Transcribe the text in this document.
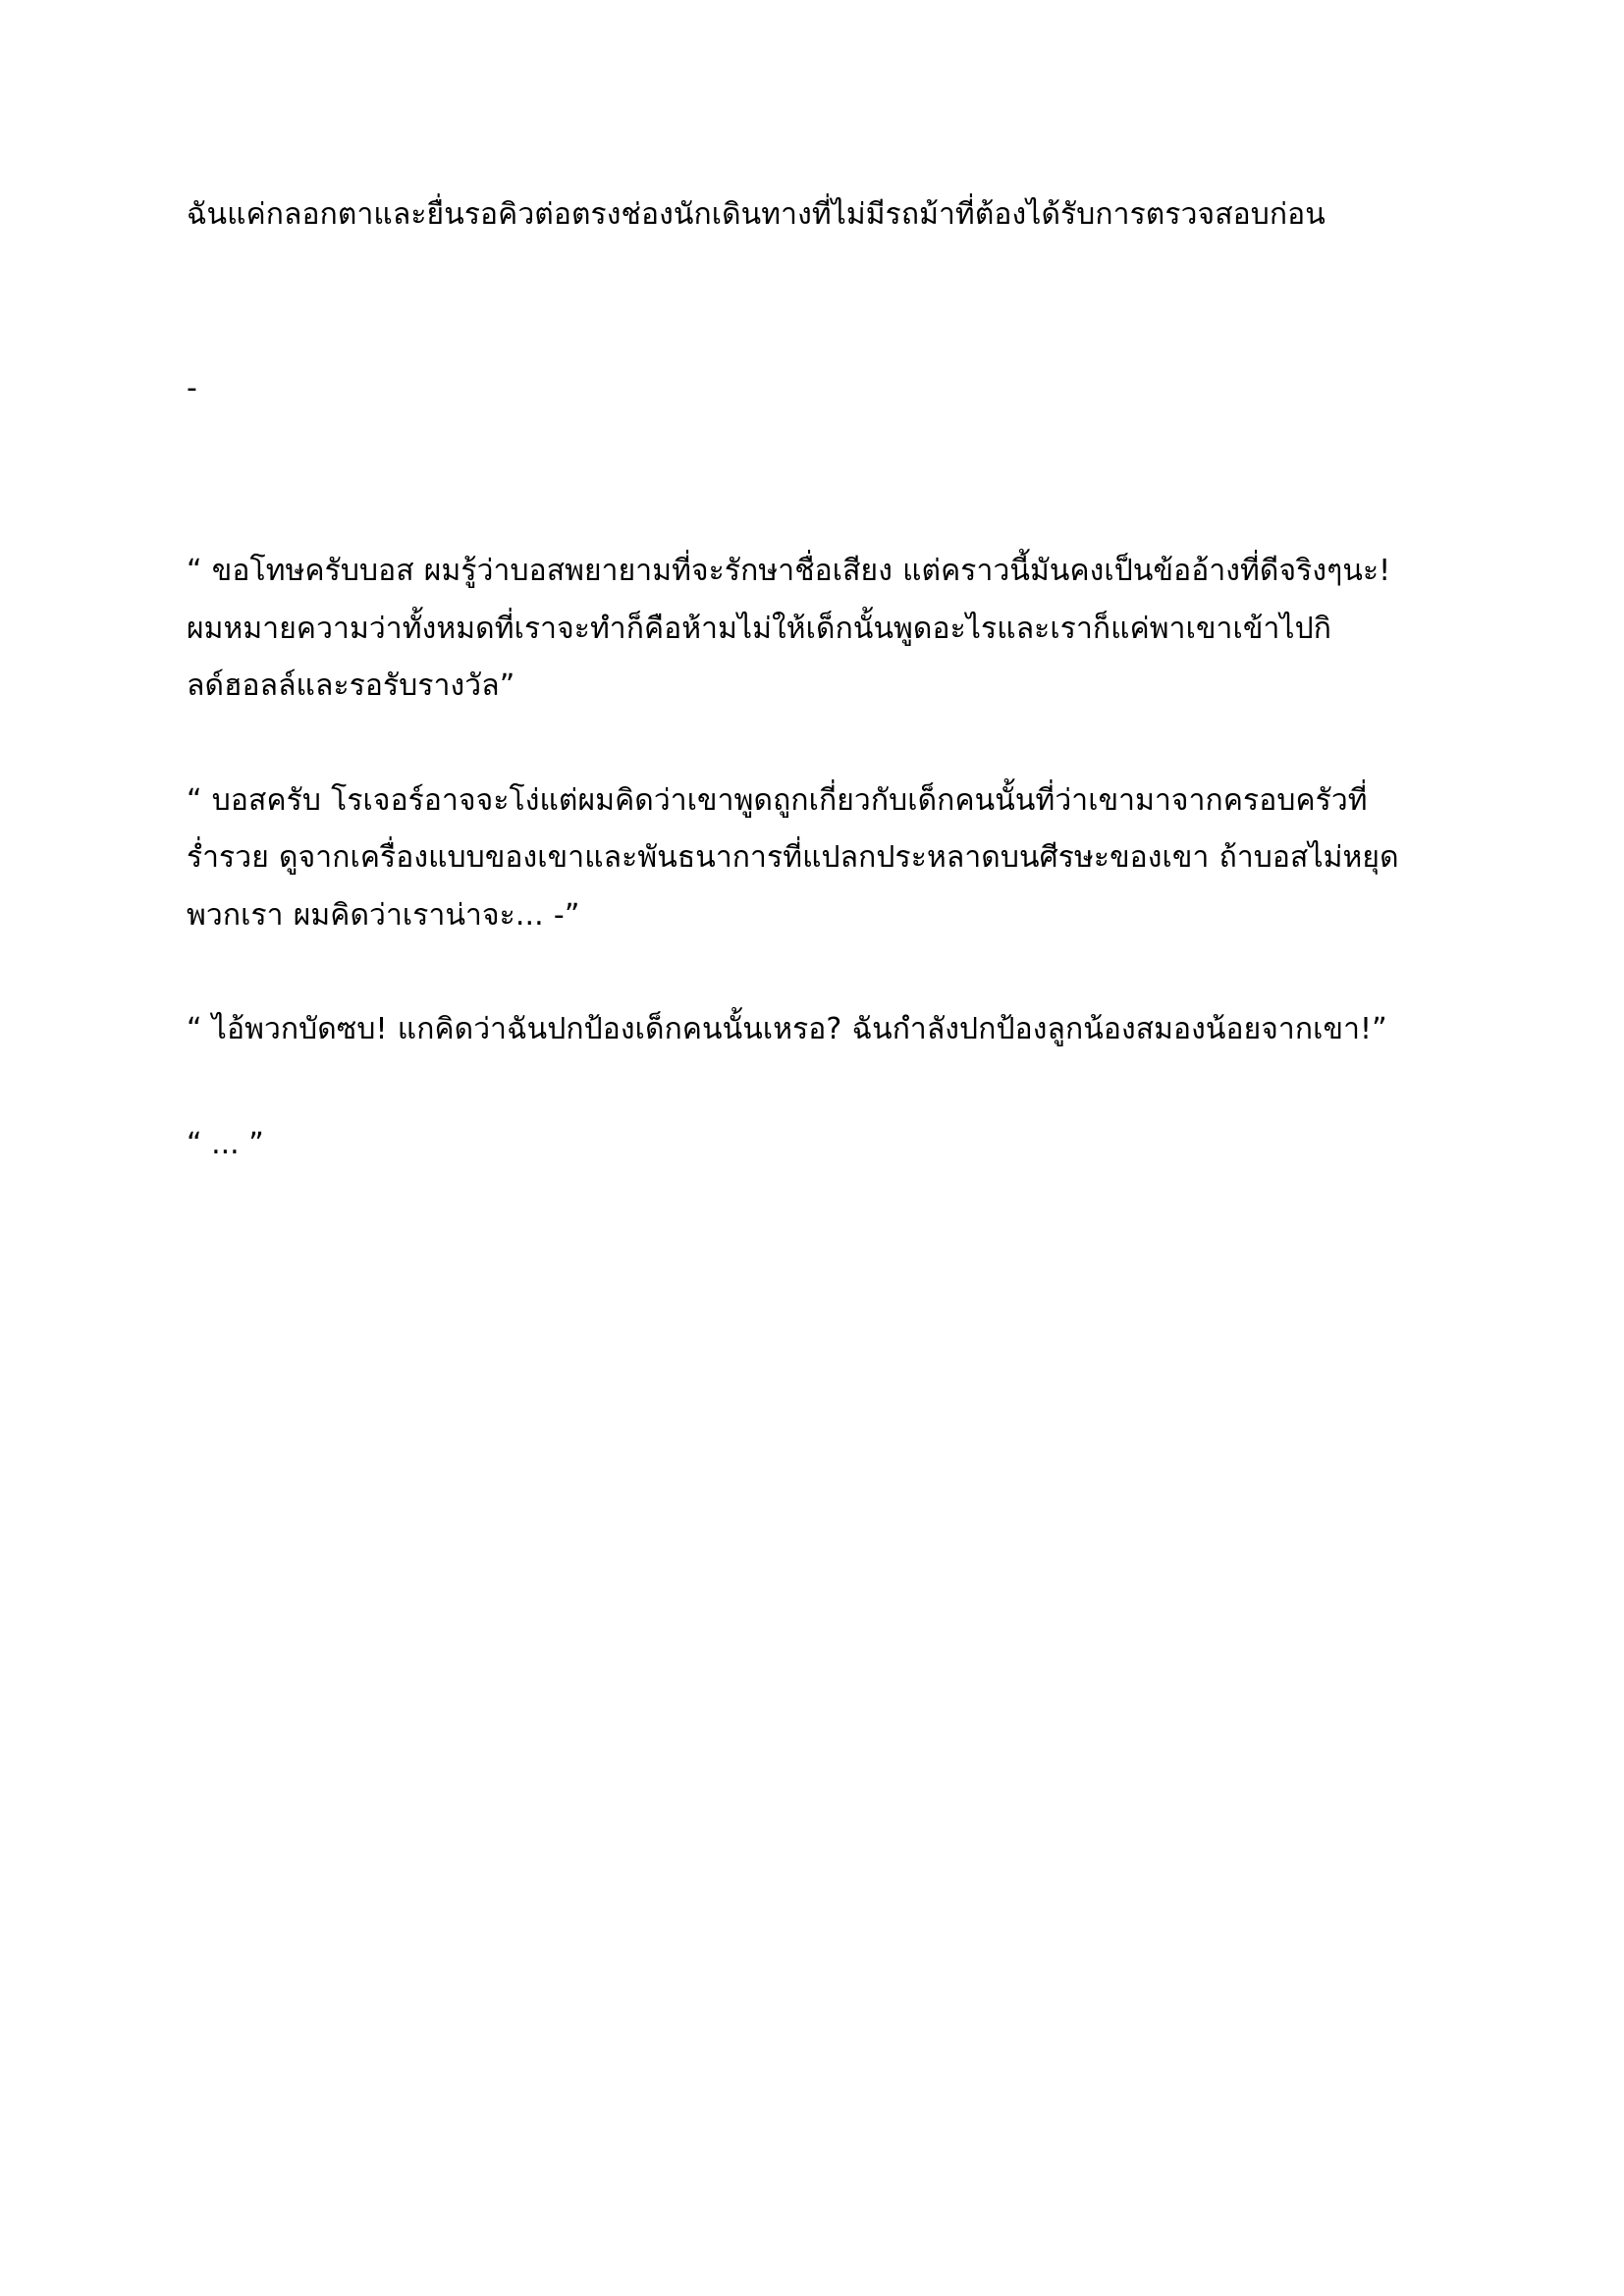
ฉันแค่กลอกตาและยื่นรอคิวต่อตรงช่องนักเดินทางที่ไม่มีรถม้าที่ต้องได้รับการตรวจสอบก่อน

-

“ ขอโทษครับบอส ผมรู้ว่าบอสพยายามที่จะรักษาชื่อเสียง แต่คราวนี้มันคงเป็นข้ออ้างที่ดีจริงๆนะ! ผมหมายความว่าทั้งหมดที่เราจะทำก็คือห้ามไม่ให้เด็กนั้นพูดอะไรและเราก็แค่พาเขาเข้าไปกิลด์ฮอลล์และรอรับรางวัล”

“ บอสครับ โรเจอร์อาจจะโง่แต่ผมคิดว่าเขาพูดถูกเกี่ยวกับเด็กคนนั้นที่ว่าเขามาจากครอบครัวที่ร่ำรวย ดูจากเครื่องแบบของเขาและพันธนาการที่แปลกประหลาดบนศีรษะของเขา ถ้าบอสไม่หยุดพวกเรา ผมคิดว่าเราน่าจะ... -”

“ ไอ้พวกบัดซบ! แกคิดว่าฉันปกป้องเด็กคนนั้นเหรอ? ฉันกำลังปกป้องลูกน้องสมองน้อยจากเขา!”

“ ... ”
